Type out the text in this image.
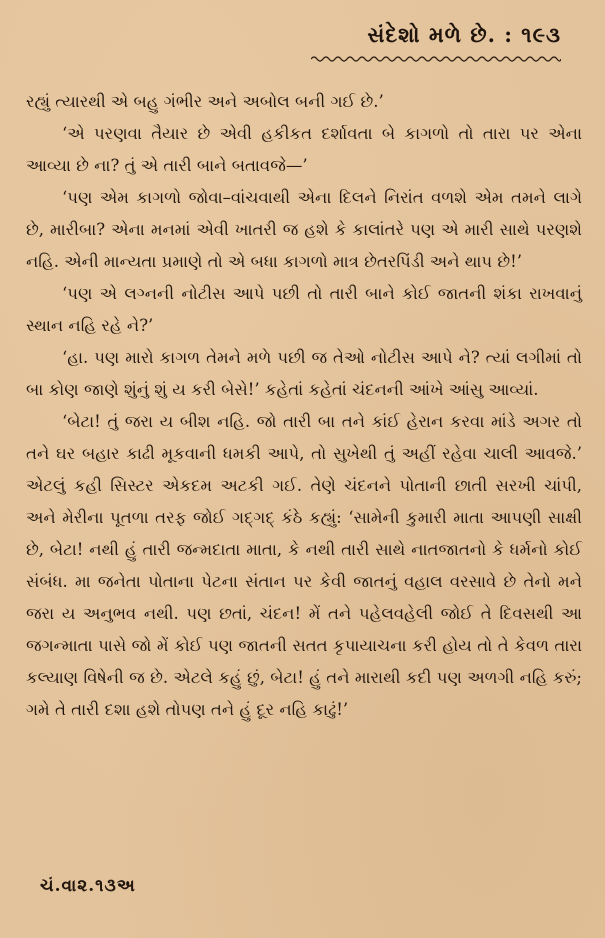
સંદેશો મળે છે. : ૧૯૩

રહ્યું ત્યારથી એ બહુ ગંભીર અને અબોલ બની ગઈ છે.’

‘એ પરણવા તૈયાર છે એવી હકીકત દર્શાવતા બે કાગળો તો તારા પર એના આવ્યા છે ના? તું એ તારી બાને બતાવજે—’

‘પણ એમ કાગળો જોવા–વાંચવાથી એના દિલને નિરાંત વળશે એમ તમને લાગે છે, મારીબા? એના મનમાં એવી ખાતરી જ હશે કે કાલાંતરે પણ એ મારી સાથે પરણશે નહિ. એની માન્યતા પ્રમાણે તો એ બધા કાગળો માત્ર છેતરપિંડી અને થાપ છે!’

‘પણ એ લગ્નની નોટીસ આપે પછી તો તારી બાને કોઈ જાતની શંકા રાખવાનું સ્થાન નહિ રહે ને?’

‘હા. પણ મારો કાગળ તેમને મળે પછી જ તેઓ નોટીસ આપે ને? ત્યાં લગીમાં તો બા કોણ જાણે શુંનું શું ય કરી બેસે!’ કહેતાં કહેતાં ચંદનની આંખે આંસુ આવ્યાં.

‘બેટા! તું જરા ય બીશ નહિ. જો તારી બા તને કાંઈ હેરાન કરવા માંડે અગર તો તને ઘર બહાર કાઢી મૂકવાની ધમકી આપે, તો સુખેથી તું અહીં રહેવા ચાલી આવજે.’ એટલું કહી સિસ્ટર એકદમ અટકી ગઈ. તેણે ચંદનને પોતાની છાતી સરખી ચાંપી, અને મેરીના પૂતળા તરફ જોઈ ગદ્ગદ્ કંઠે કહ્યું: ‘સામેની કુમારી માતા આપણી સાક્ષી છે, બેટા! નથી હું તારી જન્મદાતા માતા, કે નથી તારી સાથે નાતજાતનો કે ધર્મનો કોઈ સંબંધ. મા જનેતા પોતાના પેટના સંતાન પર કેવી જાતનું વહાલ વરસાવે છે તેનો મને જરા ય અનુભવ નથી. પણ છતાં, ચંદન! મેં તને પહેલવહેલી જોઈ તે દિવસથી આ જગન્માતા પાસે જો મેં કોઈ પણ જાતની સતત કૃપાયાચના કરી હોય તો તે કેવળ તારા કલ્યાણ વિષેની જ છે. એટલે કહું છું, બેટા! હું તને મારાથી કદી પણ અળગી નહિ કરું; ગમે તે તારી દશા હશે તોપણ તને હું દૂર નહિ કાઢું!’

ચં.વા૨.૧૩અ
